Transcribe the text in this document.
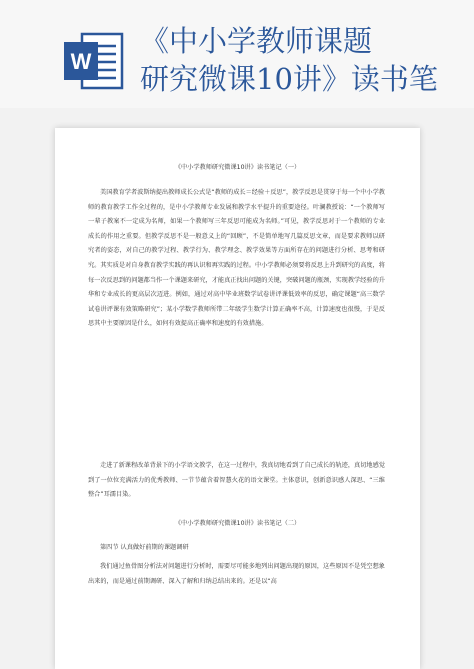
W
《中小学教师课题
研究微课10讲》读书笔
《中小学教师研究微课10讲》读书笔记（一）

美国教育学者波斯纳提出教师成长公式是“教师的成长＝经验＋反思”，教学反思是贯穿于每一个中小学教师的教育教学工作全过程的，是中小学教师专业发展和教学水平提升的重要途径。叶澜教授说：“一个教师写一辈子教案不一定成为名师，如果一个教师写三年反思可能成为名师。”可见，教学反思对于一个教师的专业成长的作用之重要。但教学反思不是一般意义上的“回顾”，不是简单地写几篇反思文章，而是要求教师以研究者的姿态，对自己的教学过程、教学行为、教学理念、教学效果等方面所存在的问题进行分析、思考和研究。其实质是对自身教育教学实践的再认识和再实践的过程。中小学教师必须要将反思上升到研究的高度，将每一次反思到的问题都当作一个课题来研究，才能真正找出问题的关键，突破问题的瓶颈，实现教学经验的升华和专业成长的更高层次迈进。例如，通过对高中毕业班数学试卷讲评课低效率的反思，确定课题“高三数学试卷讲评课有效策略研究”；某小学数学教师所带二年级学生数学计算正确率不高，计算速度也很慢，于是反思其中主要原因是什么，如何有效提高正确率和速度的有效措施。

走进了新课程改革背景下的小学语文教学，在这一过程中，我真切地看到了自己成长的轨迹，真切地感觉到了一位位充满活力的优秀教师、一节节蕴含着智慧火花的语文课堂。主体意识，创新意识感人深思、“三维整合”耳濡目染。

《中小学教师研究微课10讲》读书笔记（二）
第四节 认真做好前期的课题调研

我们通过鱼骨图分析法对问题进行分析时，需要尽可能多地列出问题出现的原因，这些原因不是凭空想象出来的，而是通过前期调研、深入了解和归纳总结出来的。还是以“高
